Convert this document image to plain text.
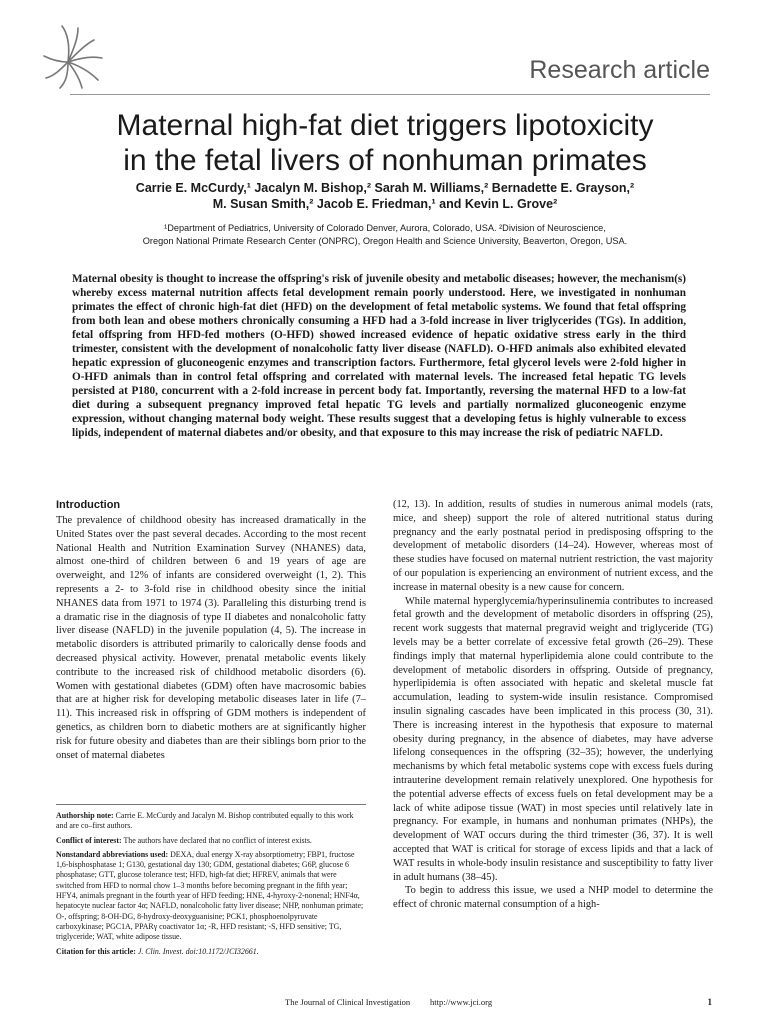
Research article
Maternal high-fat diet triggers lipotoxicity
in the fetal livers of nonhuman primates
Carrie E. McCurdy,¹ Jacalyn M. Bishop,² Sarah M. Williams,² Bernadette E. Grayson,²
M. Susan Smith,² Jacob E. Friedman,¹ and Kevin L. Grove²
¹Department of Pediatrics, University of Colorado Denver, Aurora, Colorado, USA. ²Division of Neuroscience,
Oregon National Primate Research Center (ONPRC), Oregon Health and Science University, Beaverton, Oregon, USA.
Maternal obesity is thought to increase the offspring's risk of juvenile obesity and metabolic diseases; however, the mechanism(s) whereby excess maternal nutrition affects fetal development remain poorly understood. Here, we investigated in nonhuman primates the effect of chronic high-fat diet (HFD) on the development of fetal metabolic systems. We found that fetal offspring from both lean and obese mothers chronically consuming a HFD had a 3-fold increase in liver triglycerides (TGs). In addition, fetal offspring from HFD-fed mothers (O-HFD) showed increased evidence of hepatic oxidative stress early in the third trimester, consistent with the development of nonalcoholic fatty liver disease (NAFLD). O-HFD animals also exhibited elevated hepatic expression of gluconeogenic enzymes and transcription factors. Furthermore, fetal glycerol levels were 2-fold higher in O-HFD animals than in control fetal offspring and correlated with maternal levels. The increased fetal hepatic TG levels persisted at P180, concurrent with a 2-fold increase in percent body fat. Importantly, reversing the maternal HFD to a low-fat diet during a subsequent pregnancy improved fetal hepatic TG levels and partially normalized gluconeogenic enzyme expression, without changing maternal body weight. These results suggest that a developing fetus is highly vulnerable to excess lipids, independent of maternal diabetes and/or obesity, and that exposure to this may increase the risk of pediatric NAFLD.
Introduction

The prevalence of childhood obesity has increased dramatically in the United States over the past several decades. According to the most recent National Health and Nutrition Examination Survey (NHANES) data, almost one-third of children between 6 and 19 years of age are overweight, and 12% of infants are considered overweight (1, 2). This represents a 2- to 3-fold rise in childhood obesity since the initial NHANES data from 1971 to 1974 (3). Paralleling this disturbing trend is a dramatic rise in the diagnosis of type II diabetes and nonalcoholic fatty liver disease (NAFLD) in the juvenile population (4, 5). The increase in metabolic disorders is attributed primarily to calorically dense foods and decreased physical activity. However, prenatal metabolic events likely contribute to the increased risk of childhood metabolic disorders (6). Women with gestational diabetes (GDM) often have macrosomic babies that are at higher risk for developing metabolic diseases later in life (7–11). This increased risk in offspring of GDM mothers is independent of genetics, as children born to diabetic mothers are at significantly higher risk for future obesity and diabetes than are their siblings born prior to the onset of maternal diabetes

(12, 13). In addition, results of studies in numerous animal models (rats, mice, and sheep) support the role of altered nutritional status during pregnancy and the early postnatal period in predisposing offspring to the development of metabolic disorders (14–24). However, whereas most of these studies have focused on maternal nutrient restriction, the vast majority of our population is experiencing an environment of nutrient excess, and the increase in maternal obesity is a new cause for concern.

While maternal hyperglycemia/hyperinsulinemia contributes to increased fetal growth and the development of metabolic disorders in offspring (25), recent work suggests that maternal pregravid weight and triglyceride (TG) levels may be a better correlate of excessive fetal growth (26–29). These findings imply that maternal hyperlipidemia alone could contribute to the development of metabolic disorders in offspring. Outside of pregnancy, hyperlipidemia is often associated with hepatic and skeletal muscle fat accumulation, leading to system-wide insulin resistance. Compromised insulin signaling cascades have been implicated in this process (30, 31). There is increasing interest in the hypothesis that exposure to maternal obesity during pregnancy, in the absence of diabetes, may have adverse lifelong consequences in the offspring (32–35); however, the underlying mechanisms by which fetal metabolic systems cope with excess fuels during intrauterine development remain relatively unexplored. One hypothesis for the potential adverse effects of excess fuels on fetal development may be a lack of white adipose tissue (WAT) in most species until relatively late in pregnancy. For example, in humans and nonhuman primates (NHPs), the development of WAT occurs during the third trimester (36, 37). It is well accepted that WAT is critical for storage of excess lipids and that a lack of WAT results in whole-body insulin resistance and susceptibility to fatty liver in adult humans (38–45).

To begin to address this issue, we used a NHP model to determine the effect of chronic maternal consumption of a high-

Authorship note: Carrie E. McCurdy and Jacalyn M. Bishop contributed equally to this work and are co–first authors.

Conflict of interest: The authors have declared that no conflict of interest exists.

Nonstandard abbreviations used: DEXA, dual energy X-ray absorptiometry; FBP1, fructose 1,6-bisphosphatase 1; G130, gestational day 130; GDM, gestational diabetes; G6P, glucose 6 phosphatase; GTT, glucose tolerance test; HFD, high-fat diet; HFREV, animals that were switched from HFD to normal chow 1–3 months before becoming pregnant in the fifth year; HFY4, animals pregnant in the fourth year of HFD feeding; HNE, 4-hyroxy-2-nonenal; HNF4α, hepatocyte nuclear factor 4α; NAFLD, nonalcoholic fatty liver disease; NHP, nonhuman primate; O-, offspring; 8-OH-DG, 8-hydroxy-deoxyguanisine; PCK1, phosphoenolpyruvate carboxykinase; PGC1A, PPARγ coactivator 1α; -R, HFD resistant; -S, HFD sensitive; TG, triglyceride; WAT, white adipose tissue.

Citation for this article: J. Clin. Invest. doi:10.1172/JCI32661.

The Journal of Clinical Investigation http://www.jci.org	1
